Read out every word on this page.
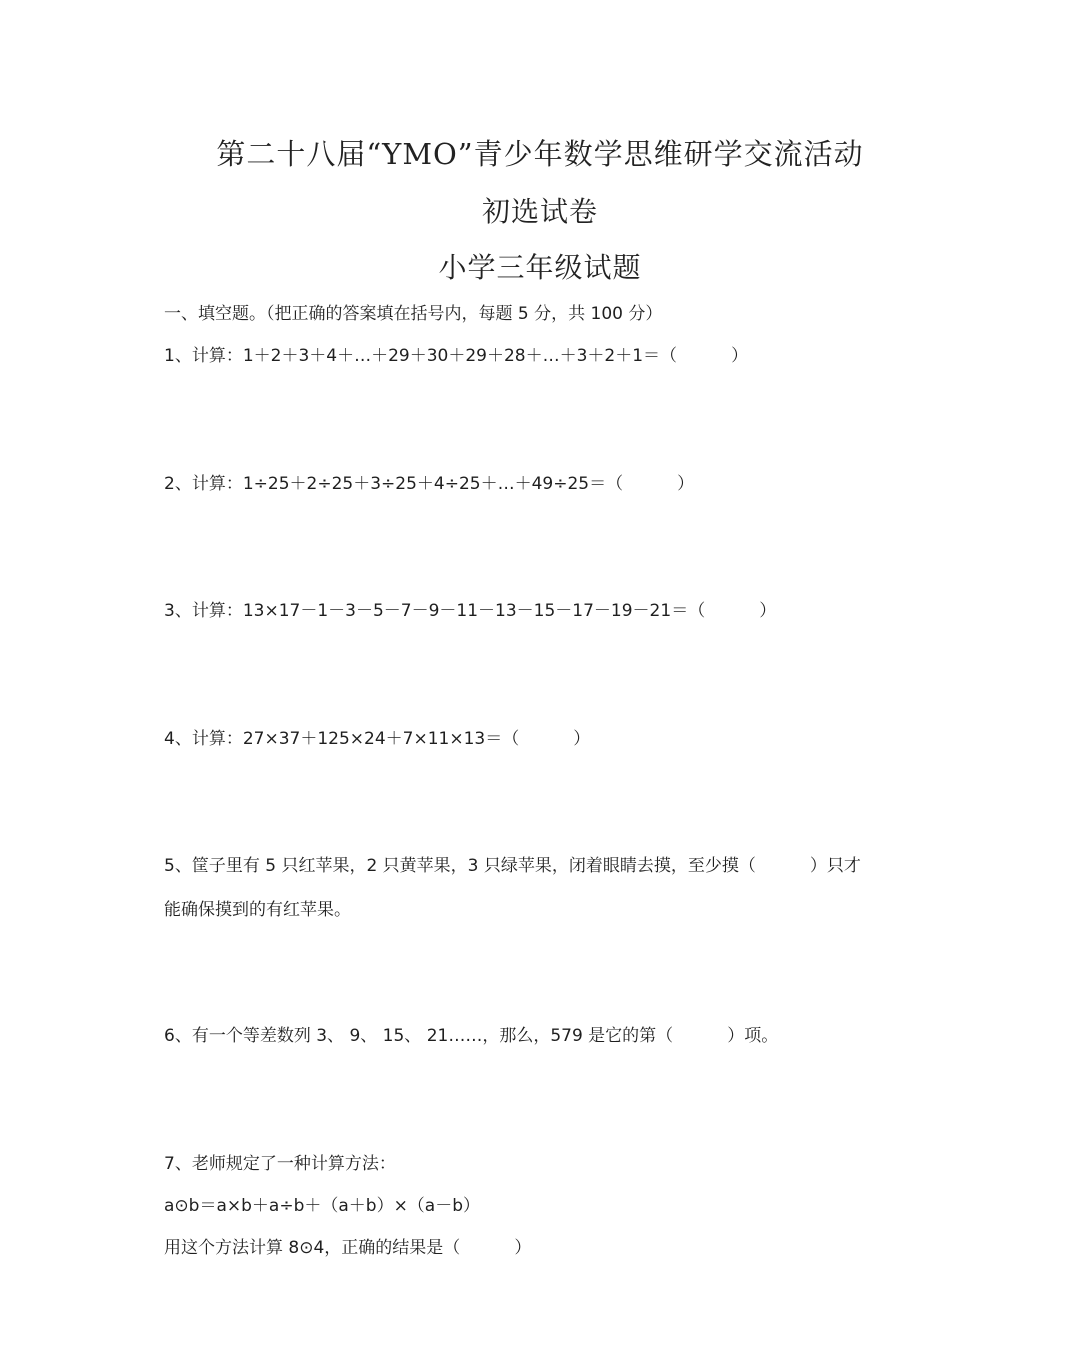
第二十八届“YMO”青少年数学思维研学交流活动
初选试卷
小学三年级试题
一、填空题。（把正确的答案填在括号内，每题 5 分，共 100 分）
1、计算：1＋2＋3＋4＋…＋29＋30＋29＋28＋…＋3＋2＋1＝（          ）
2、计算：1÷25＋2÷25＋3÷25＋4÷25＋…＋49÷25＝（          ）
3、计算：13×17－1－3－5－7－9－11－13－15－17－19－21＝（          ）
4、计算：27×37＋125×24＋7×11×13＝（          ）
5、筐子里有 5 只红苹果，2 只黄苹果，3 只绿苹果，闭着眼睛去摸，至少摸（          ）只才
能确保摸到的有红苹果。
6、有一个等差数列 3、 9、 15、 21……，那么，579 是它的第（          ）项。
7、老师规定了一种计算方法：
a⊙b＝a×b＋a÷b＋（a＋b）×（a－b）
用这个方法计算 8⊙4，正确的结果是（          ）
